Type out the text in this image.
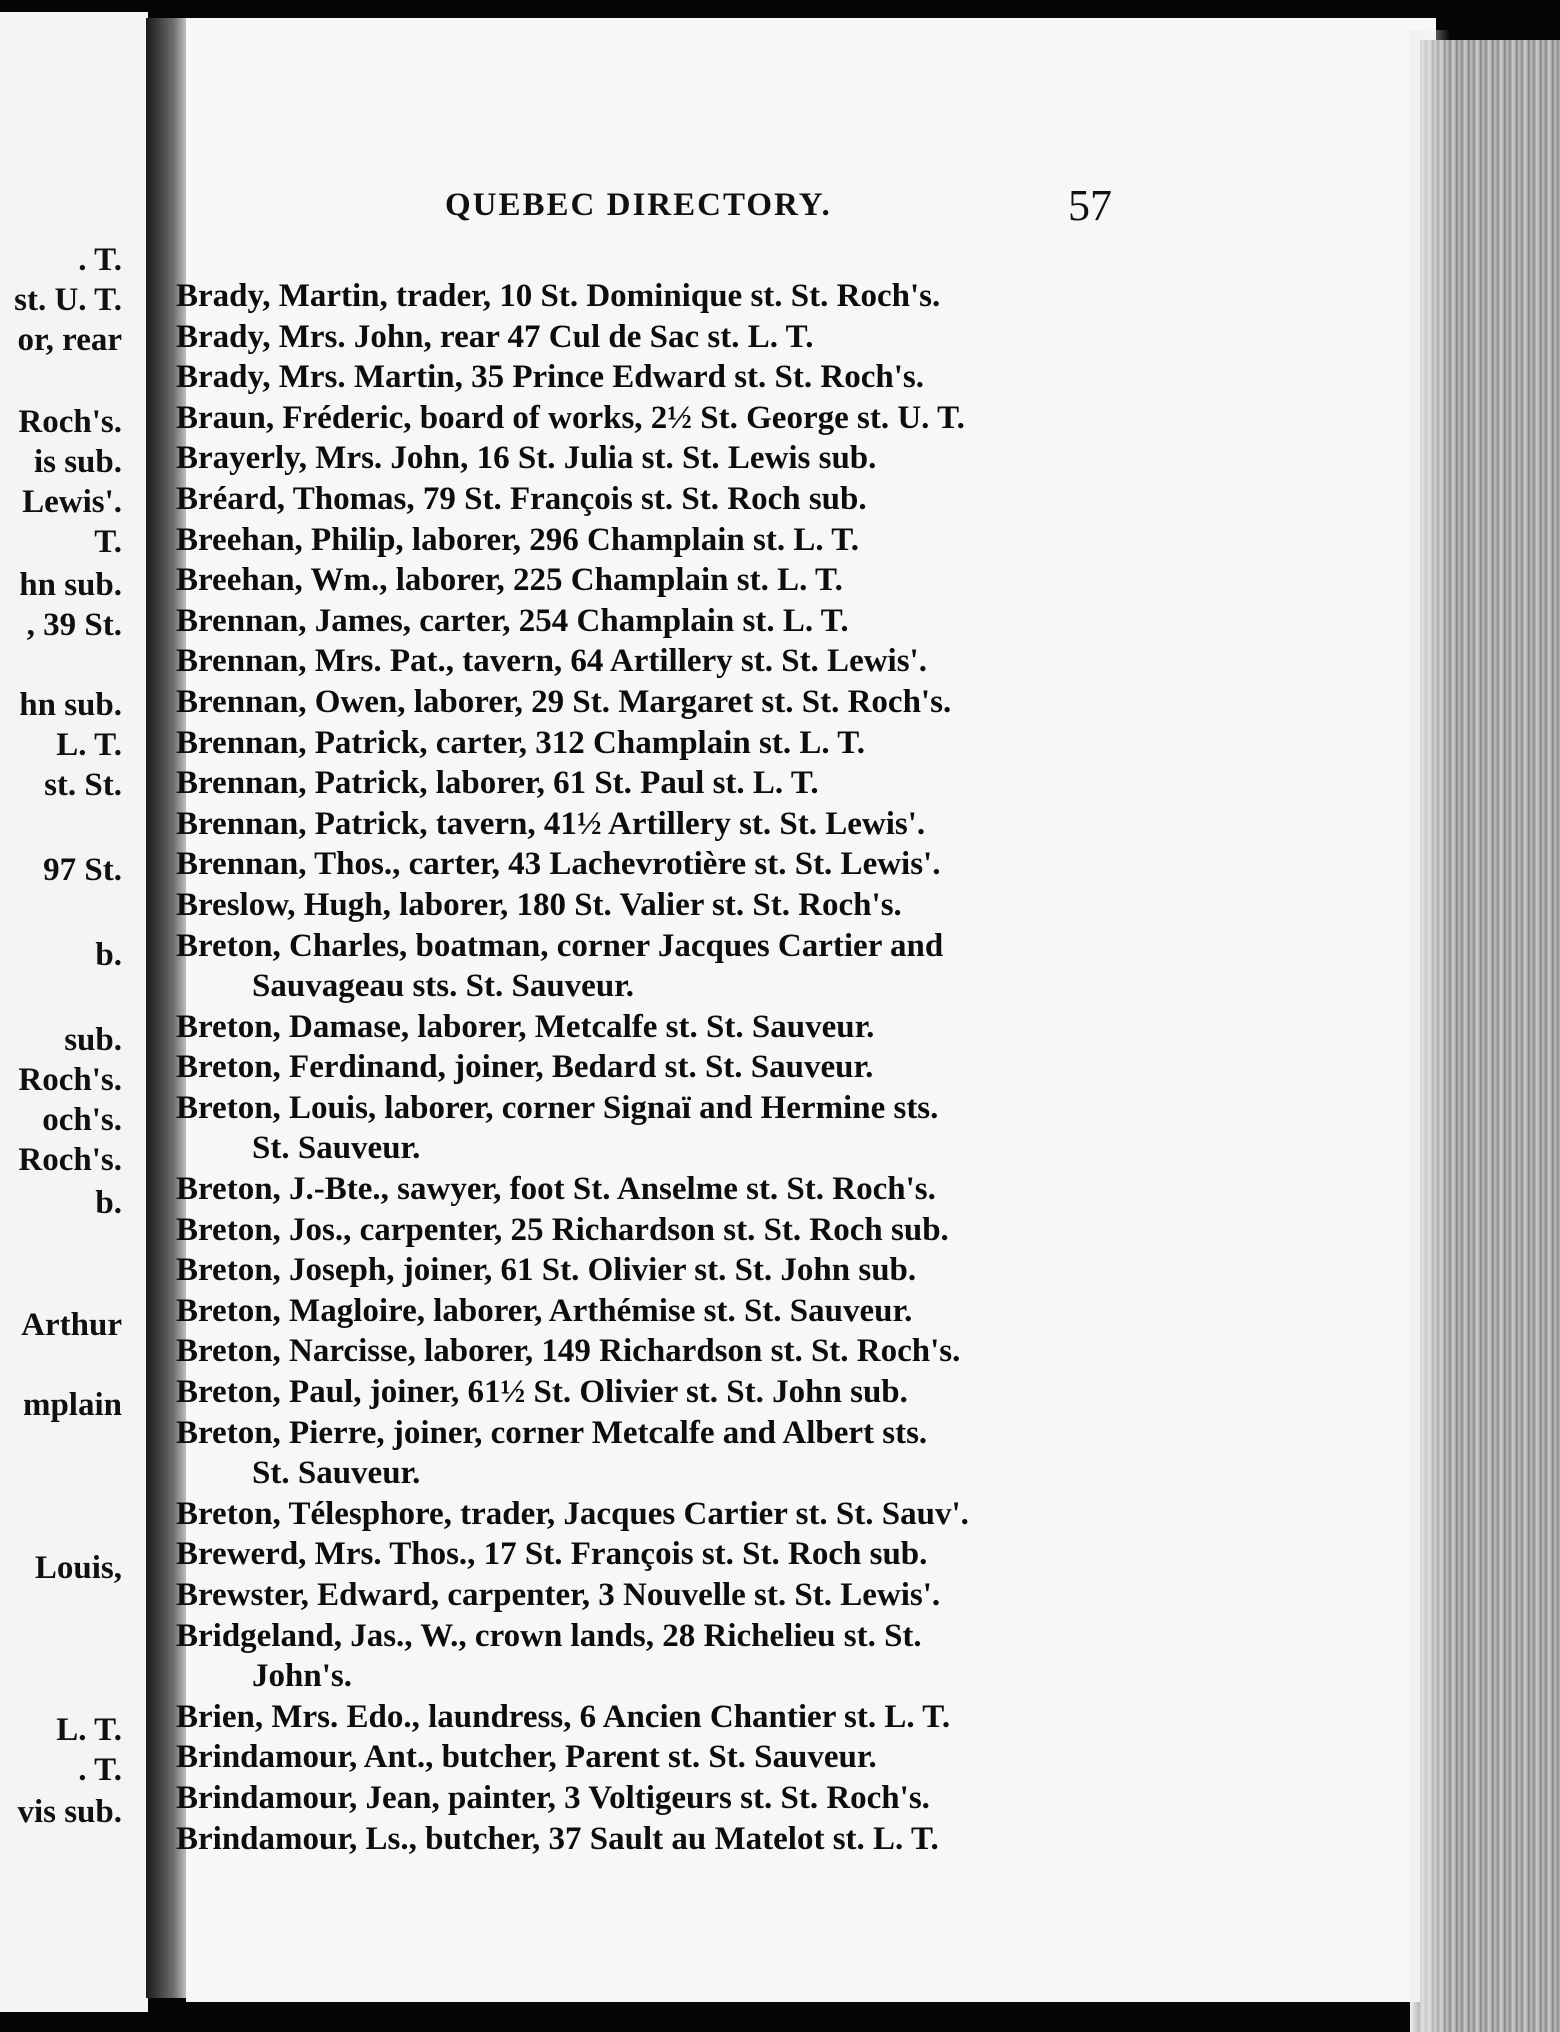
. T.
st. U. T.
or, rear
Roch's.
is sub.
Lewis'.
T.
hn sub.
, 39 St.
hn sub.
L. T.
st. St.
97 St.
b.
sub.
Roch's.
och's.
Roch's.
b.
Arthur
mplain
Louis,
L. T.
. T.
vis sub.
QUEBEC DIRECTORY.	57
Brady, Martin, trader, 10 St. Dominique st. St. Roch's.
Brady, Mrs. John, rear 47 Cul de Sac st. L. T.
Brady, Mrs. Martin, 35 Prince Edward st. St. Roch's.
Braun, Fréderic, board of works, 2½ St. George st. U. T.
Brayerly, Mrs. John, 16 St. Julia st. St. Lewis sub.
Bréard, Thomas, 79 St. François st. St. Roch sub.
Breehan, Philip, laborer, 296 Champlain st. L. T.
Breehan, Wm., laborer, 225 Champlain st. L. T.
Brennan, James, carter, 254 Champlain st. L. T.
Brennan, Mrs. Pat., tavern, 64 Artillery st. St. Lewis'.
Brennan, Owen, laborer, 29 St. Margaret st. St. Roch's.
Brennan, Patrick, carter, 312 Champlain st. L. T.
Brennan, Patrick, laborer, 61 St. Paul st. L. T.
Brennan, Patrick, tavern, 41½ Artillery st. St. Lewis'.
Brennan, Thos., carter, 43 Lachevrotière st. St. Lewis'.
Breslow, Hugh, laborer, 180 St. Valier st. St. Roch's.
Breton, Charles, boatman, corner Jacques Cartier and
Sauvageau sts. St. Sauveur.
Breton, Damase, laborer, Metcalfe st. St. Sauveur.
Breton, Ferdinand, joiner, Bedard st. St. Sauveur.
Breton, Louis, laborer, corner Signaï and Hermine sts.
St. Sauveur.
Breton, J.-Bte., sawyer, foot St. Anselme st. St. Roch's.
Breton, Jos., carpenter, 25 Richardson st. St. Roch sub.
Breton, Joseph, joiner, 61 St. Olivier st. St. John sub.
Breton, Magloire, laborer, Arthémise st. St. Sauveur.
Breton, Narcisse, laborer, 149 Richardson st. St. Roch's.
Breton, Paul, joiner, 61½ St. Olivier st. St. John sub.
Breton, Pierre, joiner, corner Metcalfe and Albert sts.
St. Sauveur.
Breton, Télesphore, trader, Jacques Cartier st. St. Sauv'.
Brewerd, Mrs. Thos., 17 St. François st. St. Roch sub.
Brewster, Edward, carpenter, 3 Nouvelle st. St. Lewis'.
Bridgeland, Jas., W., crown lands, 28 Richelieu st. St.
John's.
Brien, Mrs. Edo., laundress, 6 Ancien Chantier st. L. T.
Brindamour, Ant., butcher, Parent st. St. Sauveur.
Brindamour, Jean, painter, 3 Voltigeurs st. St. Roch's.
Brindamour, Ls., butcher, 37 Sault au Matelot st. L. T.
